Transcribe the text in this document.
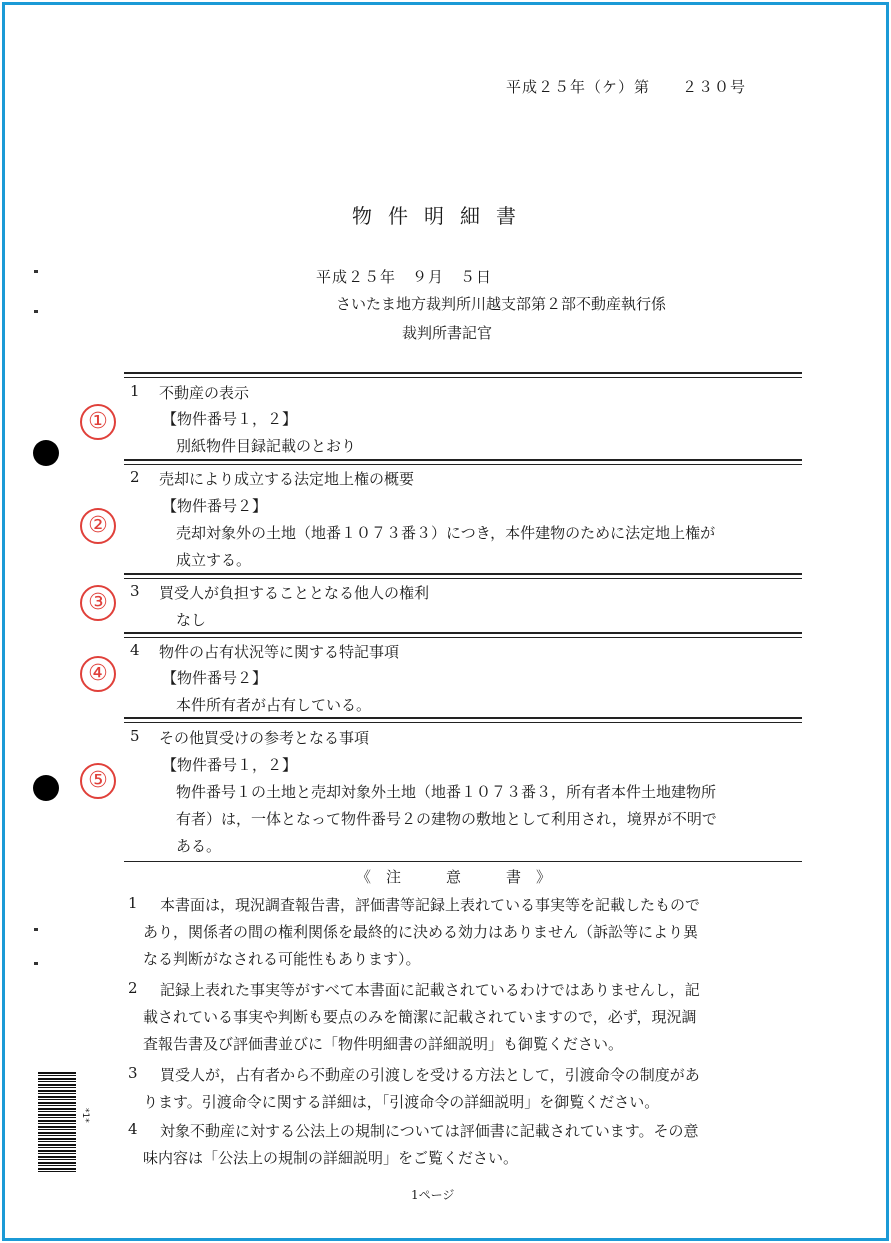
平成２５年（ケ）第　　２３０号
物件明細書
平成２５年　９月　５日
さいたま地方裁判所川越支部第２部不動産執行係
裁判所書記官
1 不動産の表示
①	【物件番号１，２】
別紙物件目録記載のとおり
2 売却により成立する法定地上権の概要
②
【物件番号２】
売却対象外の土地（地番１０７３番３）につき，本件建物のために法定地上権が
成立する。
3 買受人が負担することとなる他人の権利
③
なし
4 物件の占有状況等に関する特記事項
④	【物件番号２】
本件所有者が占有している。
5 その他買受けの参考となる事項
⑤
【物件番号１，２】
物件番号１の土地と売却対象外土地（地番１０７３番３，所有者本件土地建物所
有者）は，一体となって物件番号２の建物の敷地として利用され，境界が不明で
ある。
《　注　　　意　　　書　》
1 本書面は，現況調査報告書，評価書等記録上表れている事実等を記載したもので
あり，関係者の間の権利関係を最終的に決める効力はありません（訴訟等により異
なる判断がなされる可能性もあります）。
2 記録上表れた事実等がすべて本書面に記載されているわけではありませんし，記
載されている事実や判断も要点のみを簡潔に記載されていますので，必ず，現況調
査報告書及び評価書並びに「物件明細書の詳細説明」も御覧ください。
3 買受人が，占有者から不動産の引渡しを受ける方法として，引渡命令の制度があ
ります。引渡命令に関する詳細は，「引渡命令の詳細説明」を御覧ください。
4 対象不動産に対する公法上の規制については評価書に記載されています。その意
味内容は「公法上の規制の詳細説明」をご覧ください。
*1*
1ページ
